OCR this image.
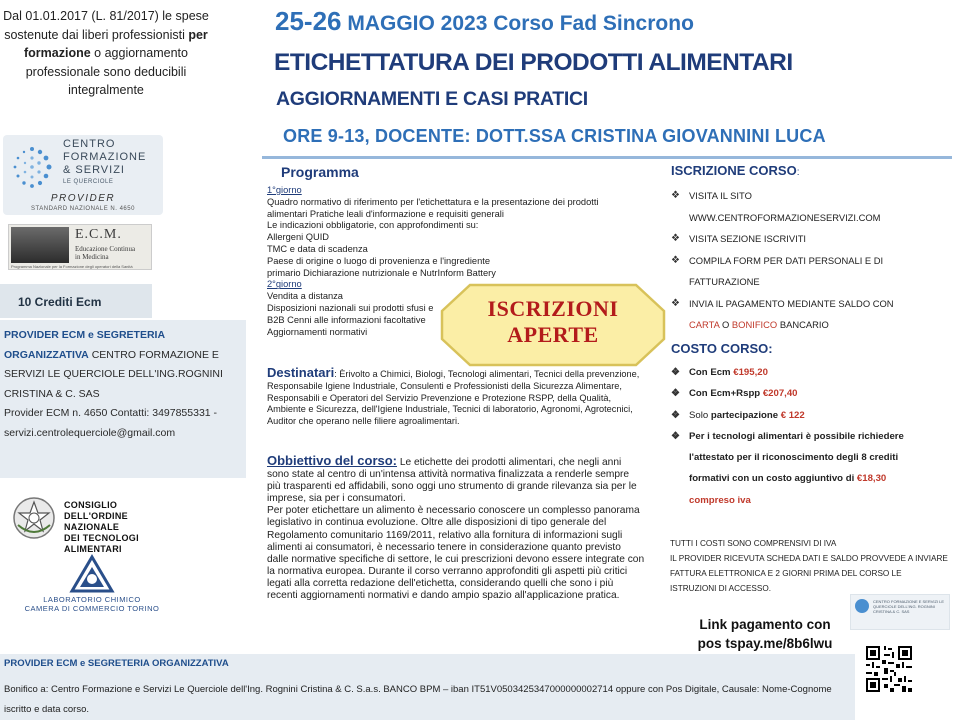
Dal 01.01.2017 (L. 81/2017) le spese sostenute dai liberi professionisti per formazione o aggiornamento professionale sono deducibili integralmente
CENTRO
FORMAZIONE
& SERVIZI
LE QUERCIOLE
PROVIDER
STANDARD NAZIONALE N. 4650
E.C.M.
Educazione Continua
in Medicina
Programma Nazionale per la Formazione degli operatori della Sanità
10 Crediti Ecm
PROVIDER ECM e SEGRETERIA ORGANIZZATIVA CENTRO FORMAZIONE E SERVIZI LE QUERCIOLE DELL'ING.ROGNINI CRISTINA & C. SAS
Provider ECM n. 4650 Contatti: 3497855331 -
servizi.centrolequerciole@gmail.com
CONSIGLIO
DELL'ORDINE NAZIONALE
DEI TECNOLOGI ALIMENTARI
LABORATORIO CHIMICO
CAMERA DI COMMERCIO TORINO
25-26 MAGGIO 2023 Corso Fad Sincrono
ETICHETTATURA DEI PRODOTTI ALIMENTARI
AGGIORNAMENTI E CASI PRATICI
ORE 9-13, DOCENTE: DOTT.SSA CRISTINA GIOVANNINI LUCA
Programma
1°giorno
Quadro normativo di riferimento per l'etichettatura e la presentazione dei prodotti alimentari Pratiche leali d'informazione e requisiti generali
Le indicazioni obbligatorie, con approfondimenti su: Allergeni QUID
TMC e data di scadenza
Paese di origine o luogo di provenienza e l'ingrediente primario Dichiarazione nutrizionale e NutrInform Battery
2°giorno
Vendita a distanza
Disposizioni nazionali sui prodotti sfusi e B2B Cenni alle informazioni facoltative Aggiornamenti normativi
ISCRIZIONI
APERTE
Destinatari: Èrivolto a Chimici, Biologi, Tecnologi alimentari, Tecnici della prevenzione, Responsabile Igiene Industriale, Consulenti e Professionisti della Sicurezza Alimentare, Responsabili e Operatori del Servizio Prevenzione e Protezione RSPP, della Qualità, Ambiente e Sicurezza, dell'Igiene Industriale, Tecnici di laboratorio, Agronomi, Agrotecnici, Auditor che operano nelle filiere agroalimentari.
Obbiettivo del corso: Le etichette dei prodotti alimentari, che negli anni sono state al centro di un'intensa attività normativa finalizzata a renderle sempre più trasparenti ed affidabili, sono oggi uno strumento di grande rilevanza sia per le imprese, sia per i consumatori.
Per poter etichettare un alimento è necessario conoscere un complesso panorama legislativo in continua evoluzione. Oltre alle disposizioni di tipo generale del Regolamento comunitario 1169/2011, relativo alla fornitura di informazioni sugli alimenti ai consumatori, è necessario tenere in considerazione quanto previsto dalle normative specifiche di settore, le cui prescrizioni devono essere integrate con la normativa europea. Durante il corso verranno approfonditi gli aspetti più critici legati alla corretta redazione dell'etichetta, considerando quelli che sono i più recenti aggiornamenti normativi e dando ampio spazio all'applicazione pratica.
ISCRIZIONE CORSO:
❖ VISITA IL SITO WWW.CENTROFORMAZIONESERVIZI.COM
❖ VISITA SEZIONE ISCRIVITI
❖ COMPILA FORM PER DATI PERSONALI E DI FATTURAZIONE
❖ INVIA IL PAGAMENTO MEDIANTE SALDO CON CARTA O BONIFICO BANCARIO
COSTO CORSO:
❖ Con Ecm €195,20
❖ Con Ecm+Rspp €207,40
❖ Solo partecipazione € 122
❖ Per i tecnologi alimentari è possibile richiedere l'attestato per il riconoscimento degli 8 crediti formativi con un costo aggiuntivo di €18,30 compreso iva
TUTTI I COSTI SONO COMPRENSIVI DI IVA
IL PROVIDER RICEVUTA SCHEDA DATI E SALDO PROVVEDE A INVIARE FATTURA ELETTRONICA E 2 GIORNI PRIMA DEL CORSO LE ISTRUZIONI DI ACCESSO.
CENTRO FORMAZIONE E SERVIZI LE QUERCIOLE DELL'ING. ROGNINI CRISTINA & C. SAS
Link pagamento con
pos tspay.me/8b6lwu
PROVIDER ECM e SEGRETERIA ORGANIZZATIVA
Bonifico a: Centro Formazione e Servizi Le Querciole dell'Ing. Rognini Cristina & C. S.a.s. BANCO BPM – iban IT51V0503425347000000002714 oppure con Pos Digitale, Causale: Nome-Cognome iscritto e data corso.
